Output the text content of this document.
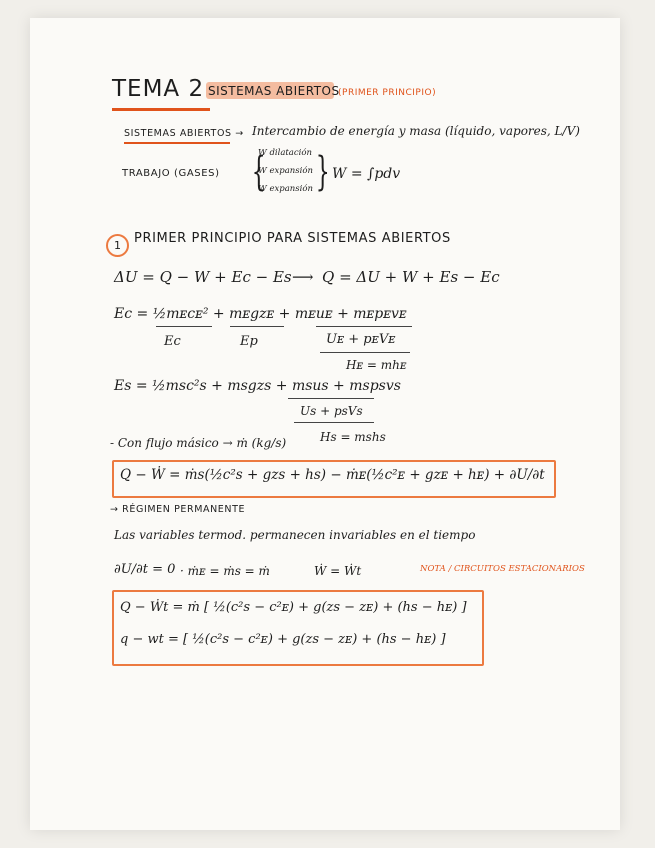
TEMA 2 SISTEMAS ABIERTOS
(PRIMER PRINCIPIO)
SISTEMAS ABIERTOS → Intercambio de energía y masa (líquido, vapores, L/V)
TRABAJO (GASES) {
W dilatación
W expansión
W expansión } W = ∫pdv
1	PRIMER PRINCIPIO PARA SISTEMAS ABIERTOS
ΔU = Q − W + Ec − Es ⟶ Q = ΔU + W + Es − Ec
Ec = ½mᴇcᴇ² + mᴇgzᴇ + mᴇuᴇ + mᴇpᴇvᴇ
Ec	Ep	Uᴇ + pᴇVᴇ
Hᴇ = mhᴇ
Es = ½msc²s + msgzs + msus + mspsvs
Us + psVs
Hs = mshs
- Con flujo másico → ṁ (kg/s)
Q − Ẇ = ṁs(½c²s + gzs + hs) − ṁᴇ(½c²ᴇ + gzᴇ + hᴇ) + ∂U/∂t
→ RÉGIMEN PERMANENTE
Las variables termod. permanecen invariables en el tiempo
∂U/∂t = 0 · ṁᴇ = ṁs = ṁ	Ẇ = Ẇt	NOTA / CIRCUITOS ESTACIONARIOS
Q − Ẇt = ṁ [ ½(c²s − c²ᴇ) + g(zs − zᴇ) + (hs − hᴇ) ]
q − wt = [ ½(c²s − c²ᴇ) + g(zs − zᴇ) + (hs − hᴇ) ]
